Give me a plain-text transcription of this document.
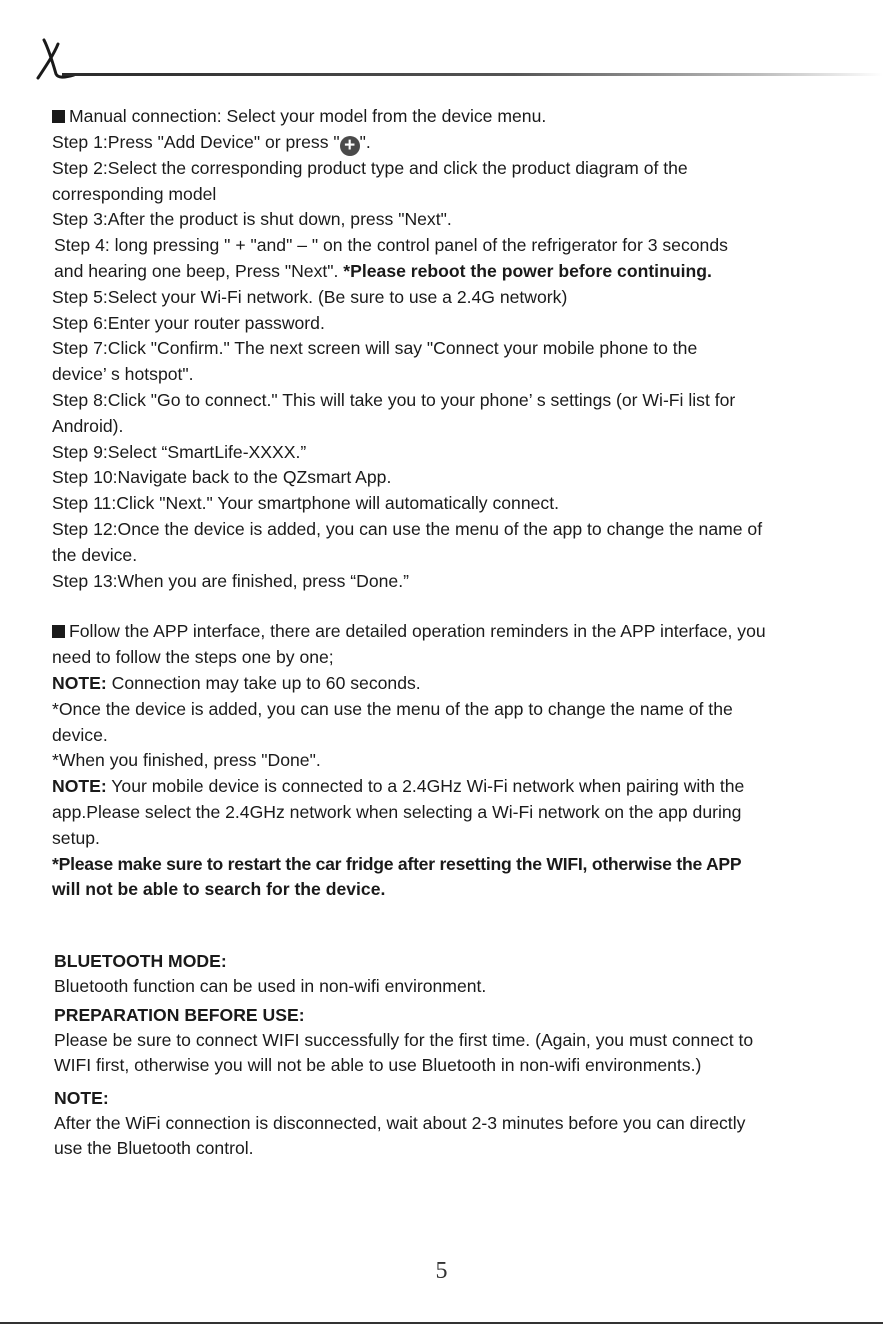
Manual connection: Select your model from the device menu.
Step 1:Press "Add Device" or press " + ".
Step 2:Select the corresponding product type and click the product diagram of the
corresponding model
Step 3:After the product is shut down, press "Next".
Step 4: long pressing " + "and" – " on the control panel of the refrigerator for 3 seconds
and hearing one beep, Press "Next". *Please reboot the power before continuing.
Step 5:Select your Wi-Fi network. (Be sure to use a 2.4G network)
Step 6:Enter your router password.
Step 7:Click "Confirm." The next screen will say "Connect your mobile phone to the
device’ s hotspot".
Step 8:Click "Go to connect." This will take you to your phone’ s settings (or Wi-Fi list for
Android).
Step 9:Select “SmartLife-XXXX.”
Step 10:Navigate back to the QZsmart App.
Step 11:Click "Next." Your smartphone will automatically connect.
Step 12:Once the device is added, you can use the menu of the app to change the name of
the device.
Step 13:When you are finished, press “Done.”
Follow the APP interface, there are detailed operation reminders in the APP interface, you
need to follow the steps one by one;
NOTE: Connection may take up to 60 seconds.
*Once the device is added, you can use the menu of the app to change the name of the
device.
*When you finished, press "Done".
NOTE: Your mobile device is connected to a 2.4GHz Wi-Fi network when pairing with the
app.Please select the 2.4GHz network when selecting a Wi-Fi network on the app during
setup.
*Please make sure to restart the car fridge after resetting the WIFI, otherwise the APP
will not be able to search for the device.
BLUETOOTH MODE:
Bluetooth function can be used in non-wifi environment.
PREPARATION BEFORE USE:
Please be sure to connect WIFI successfully for the first time. (Again, you must connect to
WIFI first, otherwise you will not be able to use Bluetooth in non-wifi environments.)
NOTE:
After the WiFi connection is disconnected, wait about 2-3 minutes before you can directly
use the Bluetooth control.
5
